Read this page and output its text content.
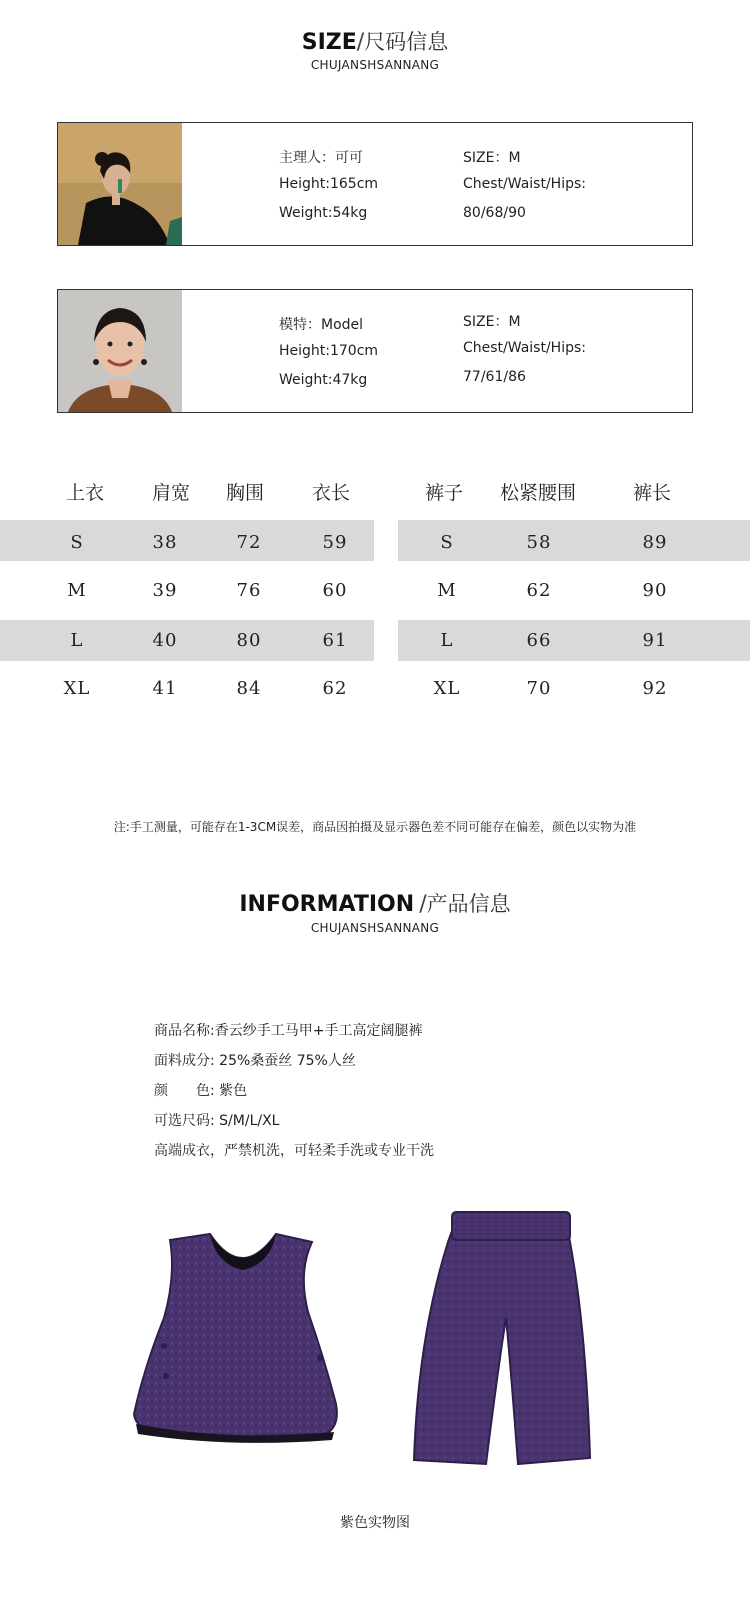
SIZE/尺码信息
CHUJANSHSANNANG
主理人：可可
Height:165cm
Weight:54kg
SIZE：M
Chest/Waist/Hips:
80/68/90
模特：Model
Height:170cm
Weight:47kg
SIZE：M
Chest/Waist/Hips:
77/61/86
上衣	肩宽 胸围	衣长
S	38	72	59
M	39	76	60
L	40	80	61
XL	41	84	62
裤子 松紧腰围	裤长
S	58	89
M	62	90
L	66	91
XL	70	92
注:手工测量，可能存在1-3CM误差，商品因拍摄及显示器色差不同可能存在偏差，颜色以实物为准
INFORMATION /产品信息
CHUJANSHSANNANG
商品名称:香云纱手工马甲+手工高定阔腿裤
面料成分: 25%桑蚕丝 75%人丝
颜　　色: 紫色
可选尺码: S/M/L/XL
高端成衣，严禁机洗，可轻柔手洗或专业干洗
紫色实物图
